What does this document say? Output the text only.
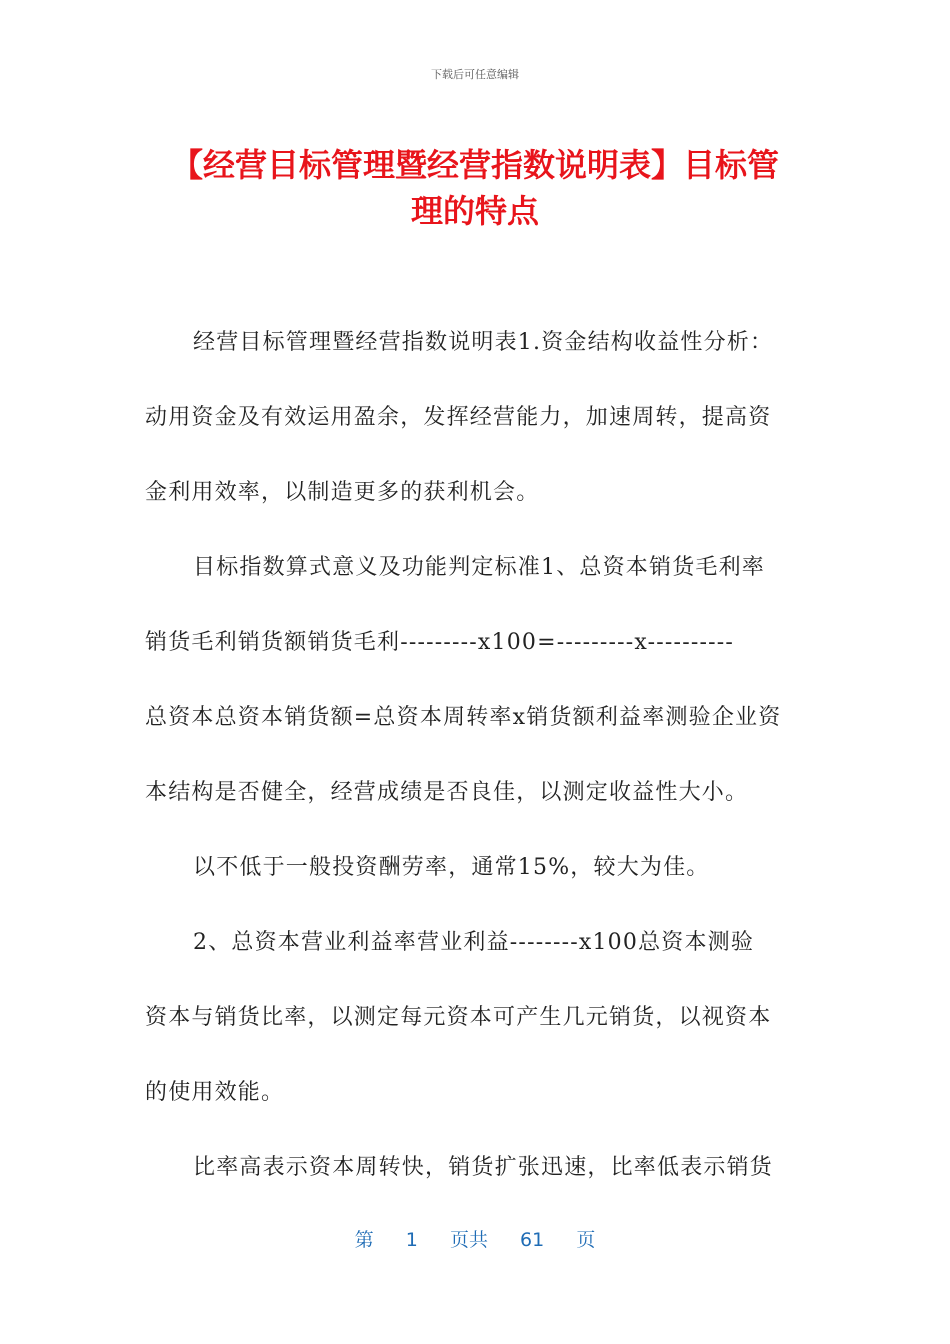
下载后可任意编辑
【经营目标管理暨经营指数说明表】目标管
理的特点
经营目标管理暨经营指数说明表1.资金结构收益性分析：
动用资金及有效运用盈余，发挥经营能力，加速周转，提高资
金利用效率，以制造更多的获利机会。
目标指数算式意义及功能判定标准1、总资本销货毛利率
销货毛利销货额销货毛利---------x100=---------x----------
总资本总资本销货额=总资本周转率x销货额利益率测验企业资
本结构是否健全，经营成绩是否良佳，以测定收益性大小。
以不低于一般投资酬劳率，通常15%，较大为佳。
2、总资本营业利益率营业利益--------x100总资本测验
资本与销货比率，以测定每元资本可产生几元销货，以视资本
的使用效能。
比率高表示资本周转快，销货扩张迅速，比率低表示销货
第 1 页共 61 页
